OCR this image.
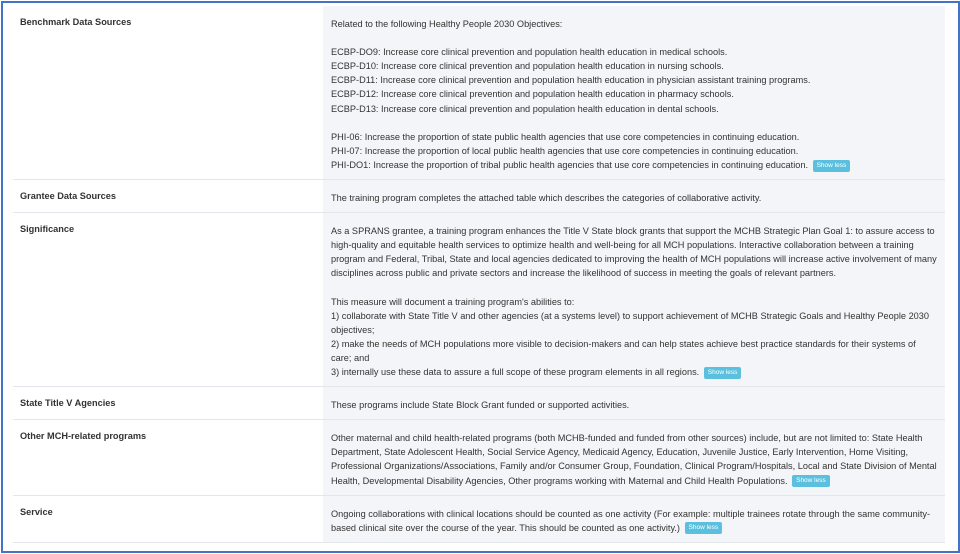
Benchmark Data Sources	Related to the following Healthy People 2030 Objectives:

ECBP-DO9: Increase core clinical prevention and population health education in medical schools.

ECBP-D10: Increase core clinical prevention and population health education in nursing schools.

ECBP-D11: Increase core clinical prevention and population health education in physician assistant training programs.

ECBP-D12: Increase core clinical prevention and population health education in pharmacy schools.

ECBP-D13: Increase core clinical prevention and population health education in dental schools.

PHI-06: Increase the proportion of state public health agencies that use core competencies in continuing education.

PHI-07: Increase the proportion of local public health agencies that use core competencies in continuing education.

PHI-DO1: Increase the proportion of tribal public health agencies that use core competencies in continuing education. Show less

Grantee Data Sources	The training program completes the attached table which describes the categories of collaborative activity.

Significance	As a SPRANS grantee, a training program enhances the Title V State block grants that support the MCHB Strategic Plan Goal 1: to assure access to high-quality and equitable health services to optimize health and well-being for all MCH populations. Interactive collaboration between a training program and Federal, Tribal, State and local agencies dedicated to improving the health of MCH populations will increase active involvement of many disciplines across public and private sectors and increase the likelihood of success in meeting the goals of relevant partners.

This measure will document a training program's abilities to:

1) collaborate with State Title V and other agencies (at a systems level) to support achievement of MCHB Strategic Goals and Healthy People 2030 objectives;

2) make the needs of MCH populations more visible to decision-makers and can help states achieve best practice standards for their systems of care; and

3) internally use these data to assure a full scope of these program elements in all regions. Show less

State Title V Agencies	These programs include State Block Grant funded or supported activities.

Other MCH-related programs	Other maternal and child health-related programs (both MCHB-funded and funded from other sources) include, but are not limited to: State Health Department, State Adolescent Health, Social Service Agency, Medicaid Agency, Education, Juvenile Justice, Early Intervention, Home Visiting, Professional Organizations/Associations, Family and/or Consumer Group, Foundation, Clinical Program/Hospitals, Local and State Division of Mental Health, Developmental Disability Agencies, Other programs working with Maternal and Child Health Populations. Show less

Service	Ongoing collaborations with clinical locations should be counted as one activity (For example: multiple trainees rotate through the same community-based clinical site over the course of the year. This should be counted as one activity.) Show less
